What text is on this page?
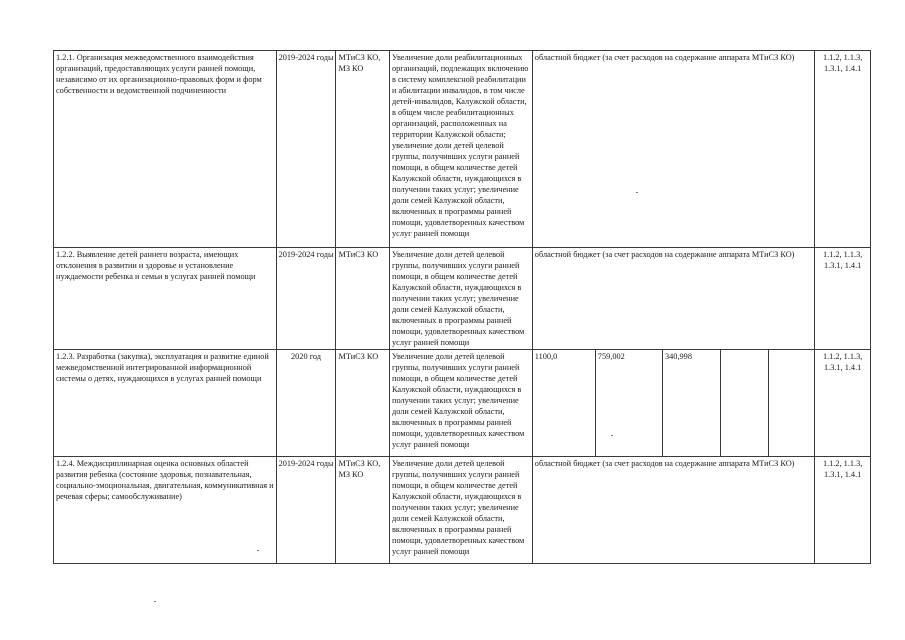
1.2.1. Организация межведомственного взаимодействия организаций, предоставляющих услуги ранней помощи, независимо от их организационно-правовых форм и форм собственности и ведомственной подчиненности	2019-2024 годы	МТиСЗ КО, МЗ КО	Увеличение доли реабилитационных организаций, подлежащих включению в систему комплексной реабилитации и абилитации инвалидов, в том числе детей-инвалидов, Калужской области, в общем числе реабилитационных организаций, расположенных на территории Калужской области; увеличение доли детей целевой группы, получивших услуги ранней помощи, в общем количестве детей Калужской области, нуждающихся в получении таких услуг; увеличение доли семей Калужской области, включенных в программы ранней помощи, удовлетворенных качеством услуг ранней помощи	областной бюджет (за счет расходов на содержание аппарата МТиСЗ КО)					1.1.2, 1.1.3, 1.3.1, 1.4.1
1.2.2. Выявление детей раннего возраста, имеющих отклонения в развитии и здоровье и установление нуждаемости ребенка и семьи в услугах ранней помощи	2019-2024 годы	МТиСЗ КО	Увеличение доли детей целевой группы, получивших услуги ранней помощи, в общем количестве детей Калужской области, нуждающихся в получении таких услуг; увеличение доли семей Калужской области, включенных в программы ранней помощи, удовлетворенных качеством услуг ранней помощи	областной бюджет (за счет расходов на содержание аппарата МТиСЗ КО)					1.1.2, 1.1.3, 1.3.1, 1.4.1
1.2.3. Разработка (закупка), эксплуатация и развитие единой межведомственной интегрированной информационной системы о детях, нуждающихся в услугах ранней помощи	2020 год	МТиСЗ КО	Увеличение доли детей целевой группы, получивших услуги ранней помощи, в общем количестве детей Калужской области, нуждающихся в получении таких услуг; увеличение доли семей Калужской области, включенных в программы ранней помощи, удовлетворенных качеством услуг ранней помощи	1100,0	759,002	340,998			1.1.2, 1.1.3, 1.3.1, 1.4.1
1.2.4. Междисциплинарная оценка основных областей развития ребенка (состояние здоровья, познавательная, социально-эмоциональная, двигательная, коммуникативная и речевая сферы; самообслуживание)	2019-2024 годы	МТиСЗ КО, МЗ КО	Увеличение доли детей целевой группы, получивших услуги ранней помощи, в общем количестве детей Калужской области, нуждающихся в получении таких услуг; увеличение доли семей Калужской области, включенных в программы ранней помощи, удовлетворенных качеством услуг ранней помощи	областной бюджет (за счет расходов на содержание аппарата МТиСЗ КО)					1.1.2, 1.1.3, 1.3.1, 1.4.1
